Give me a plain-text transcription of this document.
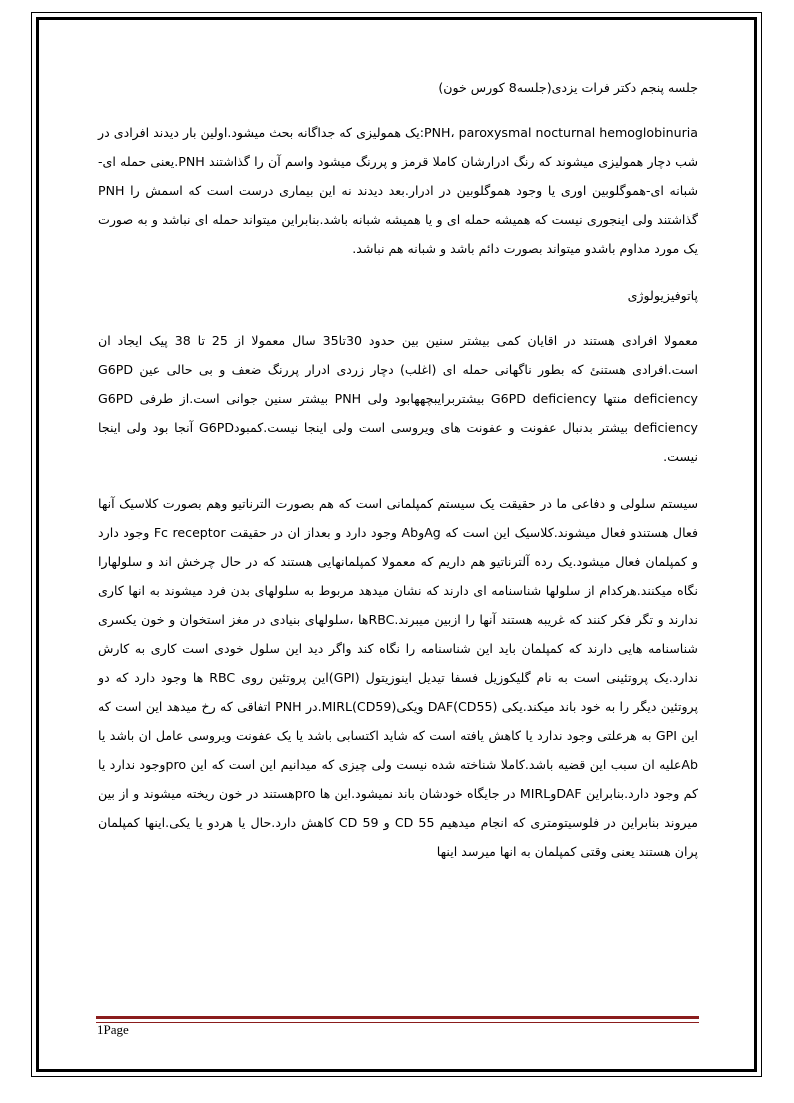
جلسه پنجم دکتر فرات یزدی(جلسه8 کورس خون)

PNH، paroxysmal nocturnal hemoglobinuria:یک همولیزی که جداگانه بحث میشود.اولین بار دیدند افرادی در شب دچار همولیزی میشوند که رنگ ادرارشان کاملا قرمز و پررنگ میشود واسم آن را گذاشتند PNH.یعنی حمله ای-شبانه ای-هموگلوبین اوری یا وجود هموگلوبین در ادرار.بعد دیدند نه این بیماری درست است که اسمش را PNH گذاشتند ولی اینجوری نیست که همیشه حمله ای و یا همیشه شبانه باشد.بنابراین میتواند حمله ای نباشد و به صورت یک مورد مداوم باشدو میتواند بصورت دائم باشد و شبانه هم نباشد.

پاتوفیزیولوژی

معمولا افرادی هستند در اقایان کمی بیشتر سنین بین حدود 30تا35 سال معمولا از 25 تا 38 پیک ایجاد ان است.افرادی هستنئ که بطور ناگهانی حمله ای (اغلب) دچار زردی ادرار پررنگ ضعف و بی حالی عین G6PD deficiency منتها G6PD deficiency بیشتربرایبچههابود ولی PNH بیشتر سنین جوانی است.از طرفی G6PD deficiency بیشتر بدنبال عفونت و عفونت های ویروسی است ولی اینجا نیست.کمبودG6PD آنجا بود ولی اینجا نیست.

سیستم سلولی و دفاعی ما در حقیقت یک سیستم کمپلمانی است که هم بصورت الترناتیو وهم بصورت کلاسیک آنها فعال هستندو فعال میشوند.کلاسیک این است که AgوAb وجود دارد و بعداز ان در حقیقت Fc receptor وجود دارد و کمپلمان فعال میشود.یک رده آلترناتیو هم داریم که معمولا کمپلمانهایی هستند که در حال چرخش اند و سلولهارا نگاه میکنند.هرکدام از سلولها شناسنامه ای دارند که نشان میدهد مربوط به سلولهای بدن فرد میشوند به انها کاری ندارند و تگر فکر کنند که غریبه هستند آنها را ازبین میبرند.RBCها ،سلولهای بنیادی در مغز استخوان و خون یکسری شناسنامه هایی دارند که کمپلمان باید این شناسنامه را نگاه کند واگر دید این سلول خودی است کاری به کارش ندارد.یک پروتئینی است به نام گلیکوزیل فسفا تیدیل اینوزیتول (GPI)این پروتئین روی RBC ها وجود دارد که دو پروتئین دیگر را به خود باند میکند.یکی (DAF(CD55 ویکی(MIRL(CD59.در PNH اتفاقی که رخ میدهد این است که این GPI به هرعلتی وجود ندارد یا کاهش یافته است که شاید اکتسابی باشد یا یک عفونت ویروسی عامل ان باشد یا Abعلیه ان سبب این قضیه باشد.کاملا شناخته شده نیست ولی چیزی که میدانیم این است که این proوجود ندارد یا کم وجود دارد.بنابراین DAFوMIRL در جایگاه خودشان باند نمیشود.این ها proهستند در خون ریخته میشوند و از بین میروند بنابراین در فلوسیتومتری که انجام میدهیم CD 55 و CD 59 کاهش دارد.حال یا هردو یا یکی.اینها کمپلمان پران هستند یعنی وقتی کمپلمان به انها میرسد اینها

1Page
